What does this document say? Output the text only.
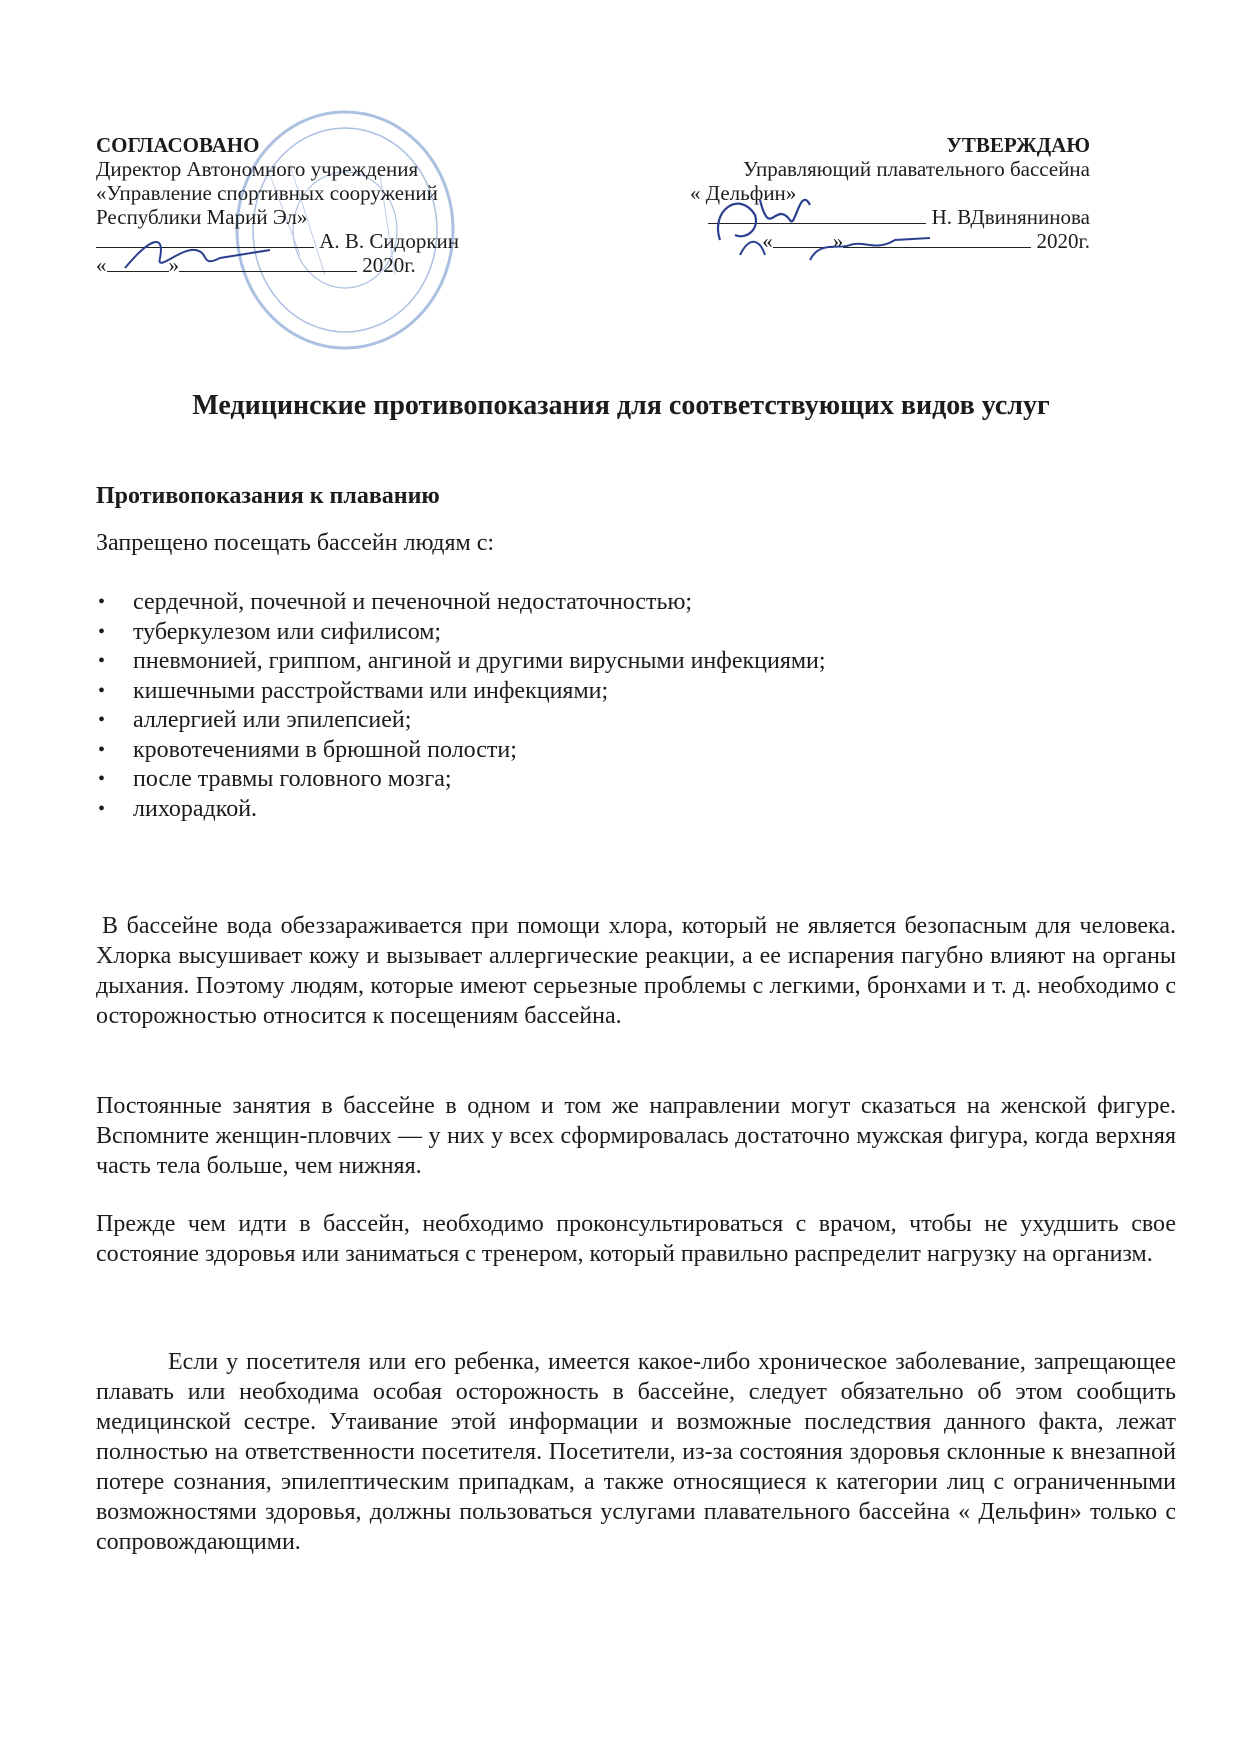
СОГЛАСОВАНО
Директор Автономного учреждения
«Управление спортивных сооружений
Республики Марий Эл»
А. В. Сидоркин
«	»	2020г.
УТВЕРЖДАЮ
Управляющий плавательного бассейна
« Дельфин»
Н. ВДвинянинова
«	»	2020г.
Медицинские противопоказания для соответствующих видов услуг
Противопоказания к плаванию
Запрещено посещать бассейн людям с:
• сердечной, почечной и печеночной недостаточностью;
• туберкулезом или сифилисом;
• пневмонией, гриппом, ангиной и другими вирусными инфекциями;
• кишечными расстройствами или инфекциями;
• аллергией или эпилепсией;
• кровотечениями в брюшной полости;
• после травмы головного мозга;
• лихорадкой.

В бассейне вода обеззараживается при помощи хлора, который не является безопасным для человека. Хлорка высушивает кожу и вызывает аллергические реакции, а ее испарения пагубно влияют на органы дыхания. Поэтому людям, которые имеют серьезные проблемы с легкими, бронхами и т. д. необходимо с осторожностью относится к посещениям бассейна.

Постоянные занятия в бассейне в одном и том же направлении могут сказаться на женской фигуре. Вспомните женщин-пловчих — у них у всех сформировалась достаточно мужская фигура, когда верхняя часть тела больше, чем нижняя.

Прежде чем идти в бассейн, необходимо проконсультироваться с врачом, чтобы не ухудшить свое состояние здоровья или заниматься с тренером, который правильно распределит нагрузку на организм.

Если у посетителя или его ребенка, имеется какое-либо хроническое заболевание, запрещающее плавать или необходима особая осторожность в бассейне, следует обязательно об этом сообщить медицинской сестре. Утаивание этой информации и возможные последствия данного факта, лежат полностью на ответственности посетителя. Посетители, из-за состояния здоровья склонные к внезапной потере сознания, эпилептическим припадкам, а также относящиеся к категории лиц с ограниченными возможностями здоровья, должны пользоваться услугами плавательного бассейна « Дельфин» только с сопровождающими.
